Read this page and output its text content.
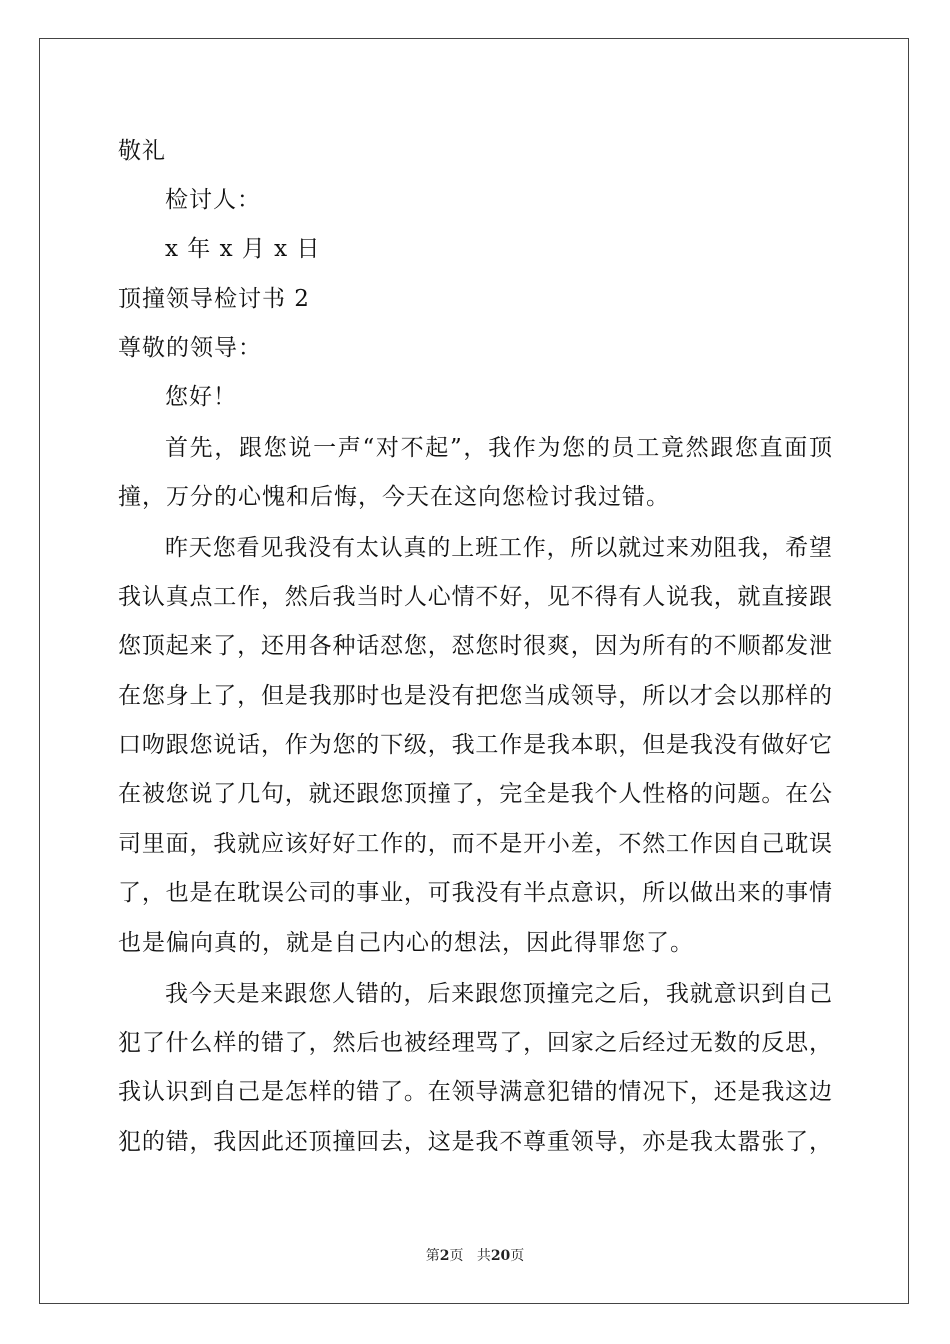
敬礼
检讨人：
x 年 x 月 x 日
顶撞领导检讨书 2
尊敬的领导：
您好！
首先，跟您说一声“对不起”，我作为您的员工竟然跟您直面顶
撞，万分的心愧和后悔，今天在这向您检讨我过错。
昨天您看见我没有太认真的上班工作，所以就过来劝阻我，希望
我认真点工作，然后我当时人心情不好，见不得有人说我，就直接跟
您顶起来了，还用各种话怼您，怼您时很爽，因为所有的不顺都发泄
在您身上了，但是我那时也是没有把您当成领导，所以才会以那样的
口吻跟您说话，作为您的下级，我工作是我本职，但是我没有做好它
在被您说了几句，就还跟您顶撞了，完全是我个人性格的问题。在公
司里面，我就应该好好工作的，而不是开小差，不然工作因自己耽误
了，也是在耽误公司的事业，可我没有半点意识，所以做出来的事情
也是偏向真的，就是自己内心的想法，因此得罪您了。
我今天是来跟您人错的，后来跟您顶撞完之后，我就意识到自己
犯了什么样的错了，然后也被经理骂了，回家之后经过无数的反思，
我认识到自己是怎样的错了。在领导满意犯错的情况下，还是我这边
犯的错，我因此还顶撞回去，这是我不尊重领导，亦是我太嚣张了，
第2页 共20页
